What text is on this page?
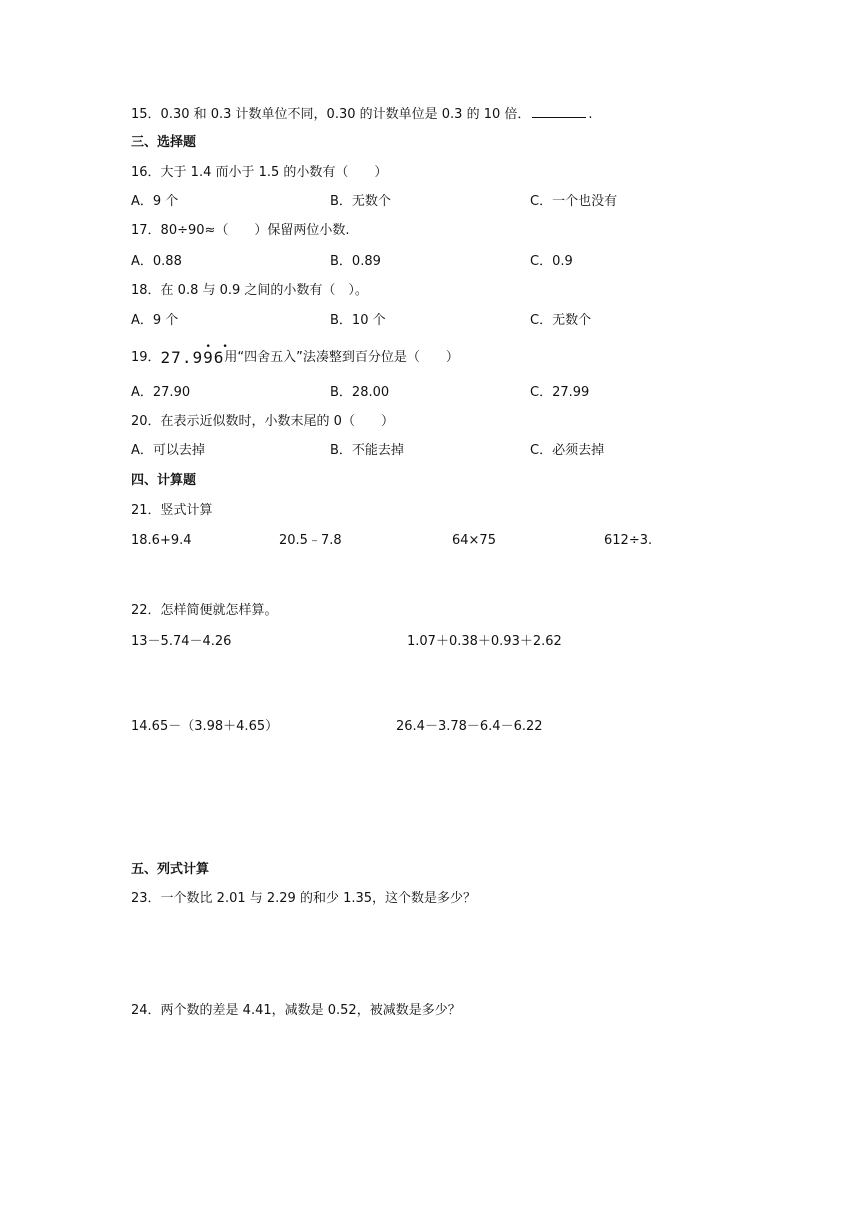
15．0.30 和 0.3 计数单位不同，0.30 的计数单位是 0.3 的 10 倍．	.
三、选择题
16．大于 1.4 而小于 1.5 的小数有（　　）
A．9 个	B．无数个	C．一个也没有
17．80÷90≈（　　）保留两位小数.
A．0.88	B．0.89	C．0.9
18．在 0.8 与 0.9 之间的小数有（　）。
A．9 个	B．10 个	C．无数个
19．
• •
27.996用“四舍五入”法凑整到百分位是（　　）
A．27.90	B．28.00	C．27.99
20．在表示近似数时，小数末尾的 0（　　）
A．可以去掉	B．不能去掉	C．必须去掉
四、计算题
21．竖式计算
18.6+9.4	20.5﹣7.8	64×75	612÷3.
22．怎样简便就怎样算。
13－5.74－4.26	1.07＋0.38＋0.93＋2.62
14.65－（3.98＋4.65）	26.4－3.78－6.4－6.22
五、列式计算
23．一个数比 2.01 与 2.29 的和少 1.35，这个数是多少？
24．两个数的差是 4.41，减数是 0.52，被减数是多少？
